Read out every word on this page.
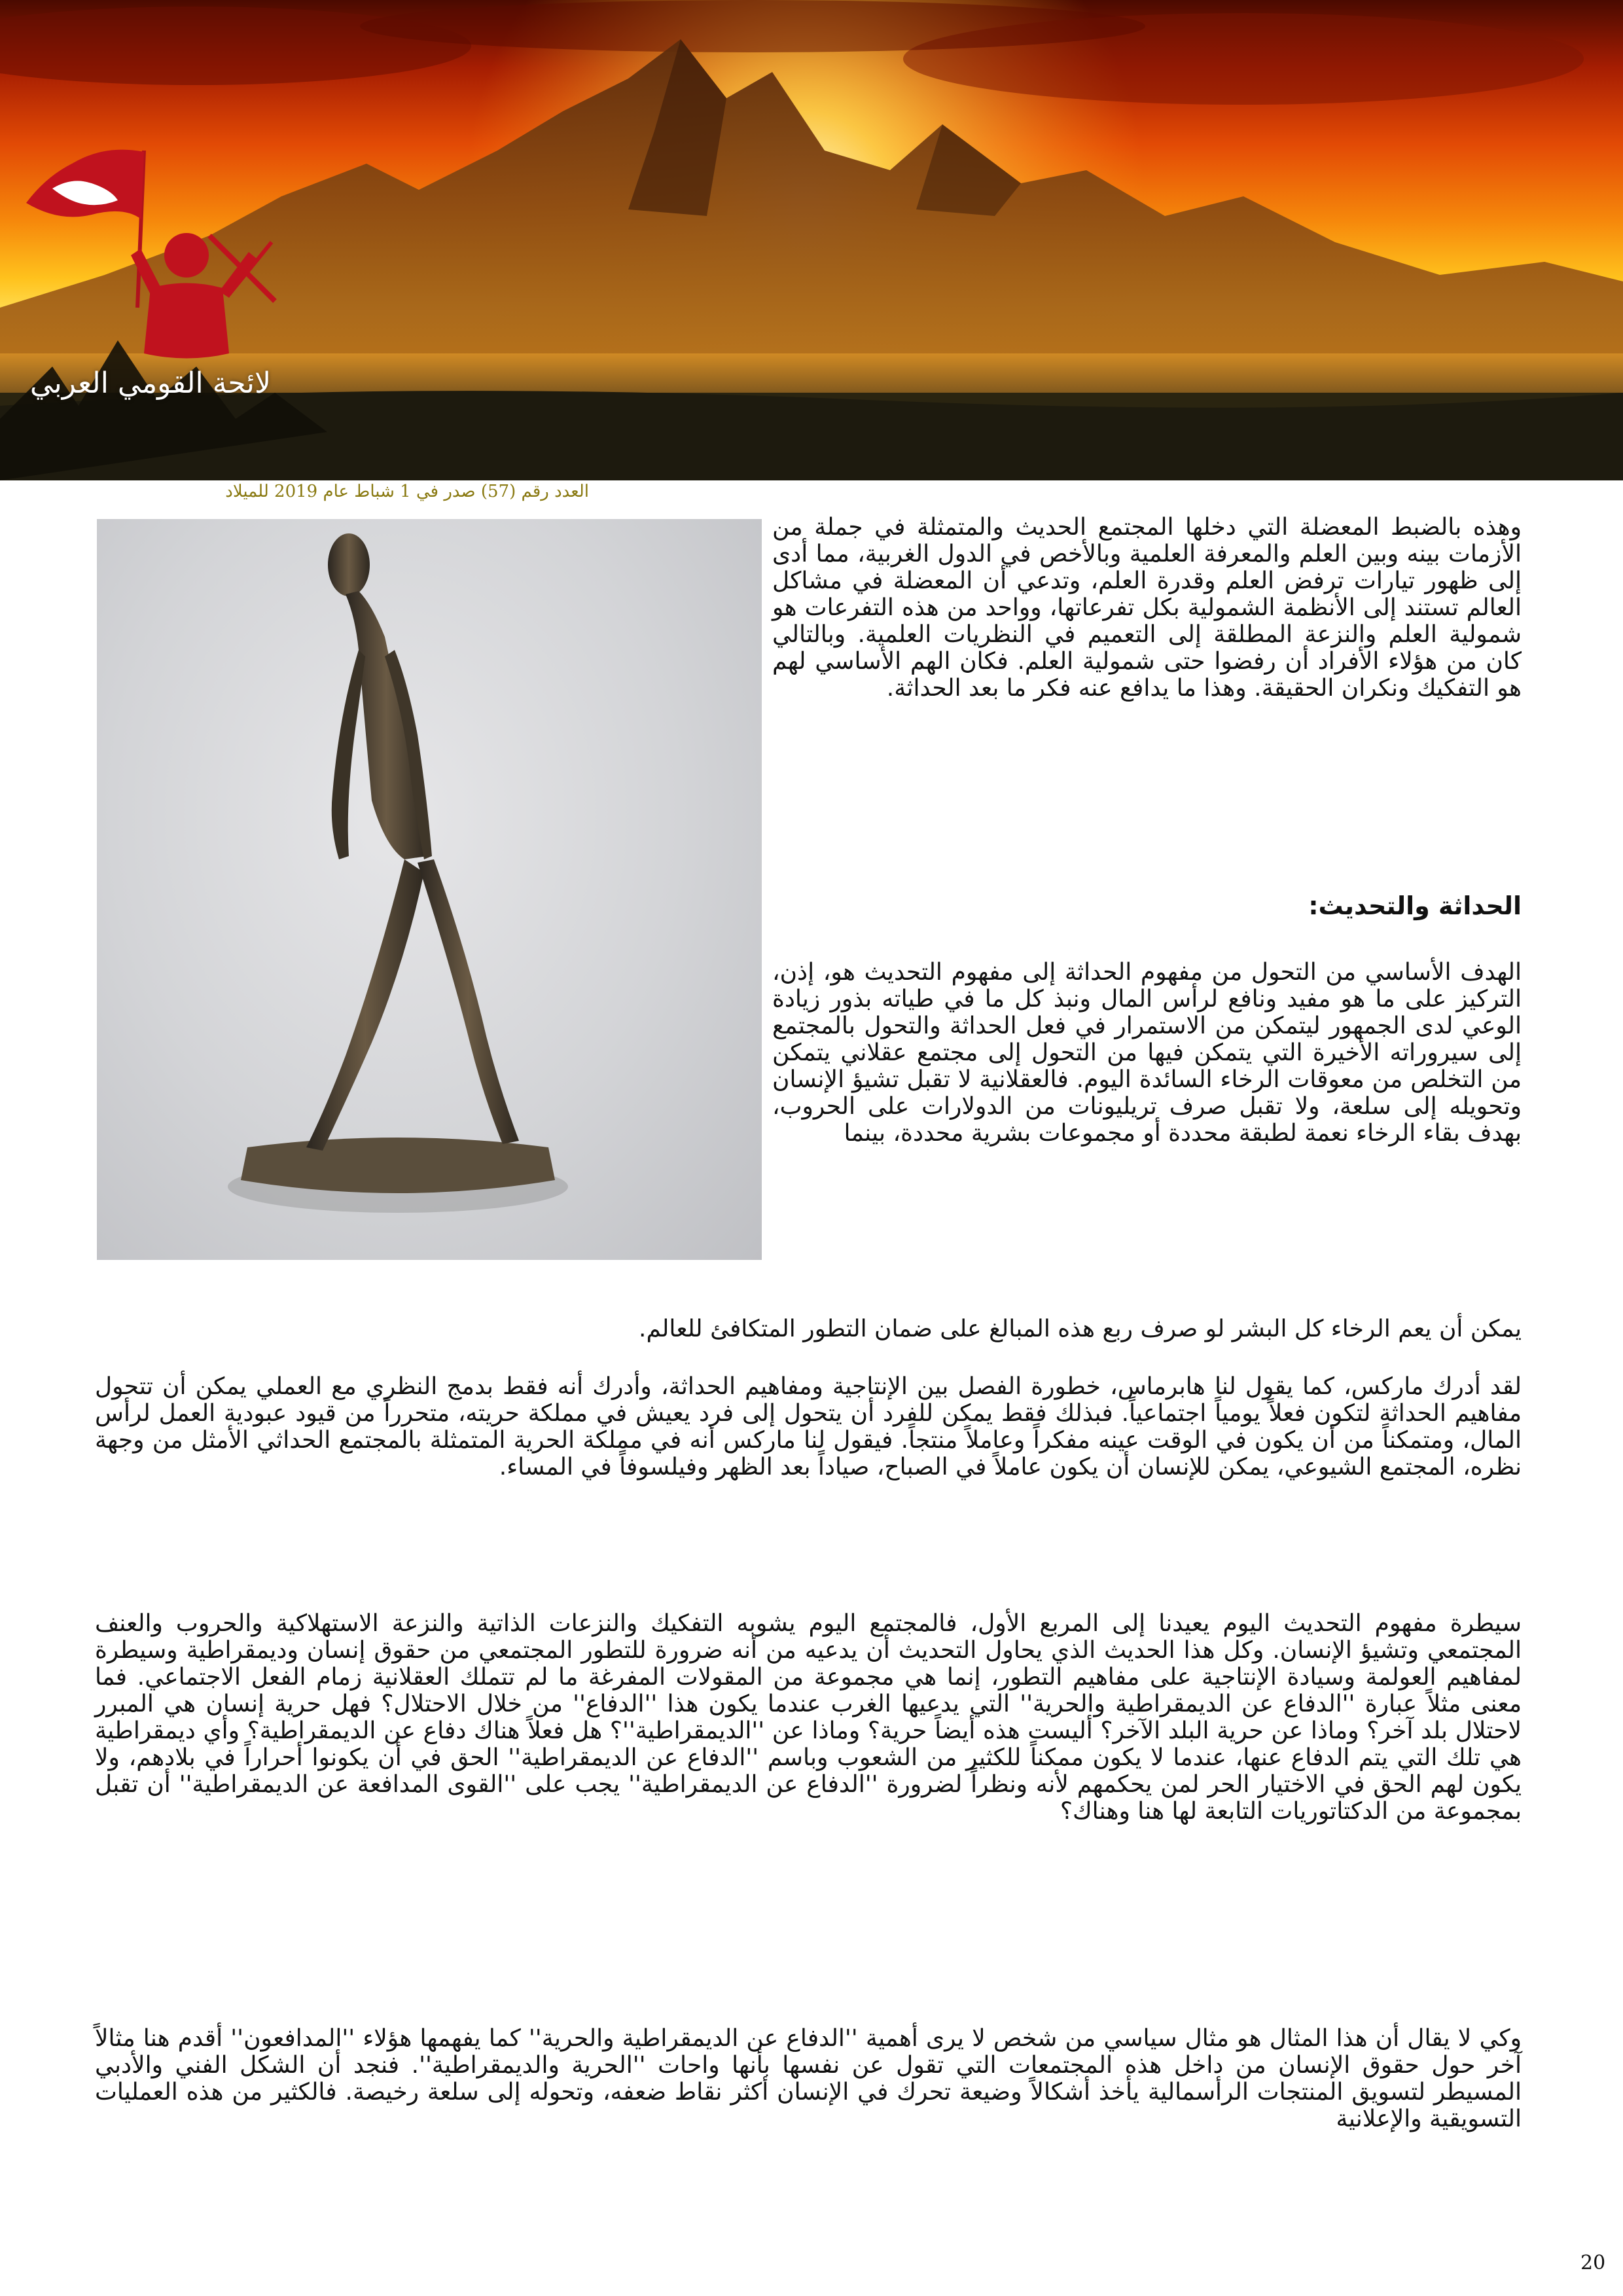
لائحة القومي العربي
العدد رقم (57) صدر في 1 شباط عام 2019 للميلاد

وهذه بالضبط المعضلة التي دخلها المجتمع الحديث والمتمثلة في جملة من الأزمات بينه وبين العلم والمعرفة العلمية وبالأخص في الدول الغربية، مما أدى إلى ظهور تيارات ترفض العلم وقدرة العلم، وتدعي أن المعضلة في مشاكل العالم تستند إلى الأنظمة الشمولية بكل تفرعاتها، وواحد من هذه التفرعات هو شمولية العلم والنزعة المطلقة إلى التعميم في النظريات العلمية. وبالتالي كان من هؤلاء الأفراد أن رفضوا حتى شمولية العلم. فكان الهم الأساسي لهم هو التفكيك ونكران الحقيقة. وهذا ما يدافع عنه فكر ما بعد الحداثة.

الحداثة والتحديث:

الهدف الأساسي من التحول من مفهوم الحداثة إلى مفهوم التحديث هو، إذن، التركيز على ما هو مفيد ونافع لرأس المال ونبذ كل ما في طياته بذور زيادة الوعي لدى الجمهور ليتمكن من الاستمرار في فعل الحداثة والتحول بالمجتمع إلى سيروراته الأخيرة التي يتمكن فيها من التحول إلى مجتمع عقلاني يتمكن من التخلص من معوقات الرخاء السائدة اليوم. فالعقلانية لا تقبل تشيؤ الإنسان وتحويله إلى سلعة، ولا تقبل صرف تريليونات من الدولارات على الحروب، بهدف بقاء الرخاء نعمة لطبقة محددة أو مجموعات بشرية محددة، بينما

يمكن أن يعم الرخاء كل البشر لو صرف ربع هذه المبالغ على ضمان التطور المتكافئ للعالم.

لقد أدرك ماركس، كما يقول لنا هابرماس، خطورة الفصل بين الإنتاجية ومفاهيم الحداثة، وأدرك أنه فقط بدمج النظري مع العملي يمكن أن تتحول مفاهيم الحداثة لتكون فعلاً يومياً اجتماعياً. فبذلك فقط يمكن للفرد أن يتحول إلى فرد يعيش في مملكة حريته، متحرراً من قيود عبودية العمل لرأس المال، ومتمكناً من أن يكون في الوقت عينه مفكراً وعاملاً منتجاً. فيقول لنا ماركس أنه في مملكة الحرية المتمثلة بالمجتمع الحداثي الأمثل من وجهة نظره، المجتمع الشيوعي، يمكن للإنسان أن يكون عاملاً في الصباح، صياداً بعد الظهر وفيلسوفاً في المساء.

سيطرة مفهوم التحديث اليوم يعيدنا إلى المربع الأول، فالمجتمع اليوم يشوبه التفكيك والنزعات الذاتية والنزعة الاستهلاكية والحروب والعنف المجتمعي وتشيؤ الإنسان. وكل هذا الحديث الذي يحاول التحديث أن يدعيه من أنه ضرورة للتطور المجتمعي من حقوق إنسان وديمقراطية وسيطرة لمفاهيم العولمة وسيادة الإنتاجية على مفاهيم التطور، إنما هي مجموعة من المقولات المفرغة ما لم تتملك العقلانية زمام الفعل الاجتماعي. فما معنى مثلاً عبارة ''الدفاع عن الديمقراطية والحرية'' التي يدعيها الغرب عندما يكون هذا ''الدفاع'' من خلال الاحتلال؟ فهل حرية إنسان هي المبرر لاحتلال بلد آخر؟ وماذا عن حرية البلد الآخر؟ أليست هذه أيضاً حرية؟ وماذا عن ''الديمقراطية''؟ هل فعلاً هناك دفاع عن الديمقراطية؟ وأي ديمقراطية هي تلك التي يتم الدفاع عنها، عندما لا يكون ممكناً للكثير من الشعوب وباسم ''الدفاع عن الديمقراطية'' الحق في أن يكونوا أحراراً في بلادهم، ولا يكون لهم الحق في الاختيار الحر لمن يحكمهم لأنه ونظراً لضرورة ''الدفاع عن الديمقراطية'' يجب على ''القوى المدافعة عن الديمقراطية'' أن تقبل بمجموعة من الدكتاتوريات التابعة لها هنا وهناك؟

وكي لا يقال أن هذا المثال هو مثال سياسي من شخص لا يرى أهمية ''الدفاع عن الديمقراطية والحرية'' كما يفهمها هؤلاء ''المدافعون'' أقدم هنا مثالاً آخر حول حقوق الإنسان من داخل هذه المجتمعات التي تقول عن نفسها بأنها واحات ''الحرية والديمقراطية''. فنجد أن الشكل الفني والأدبي المسيطر لتسويق المنتجات الرأسمالية يأخذ أشكالاً وضيعة تحرك في الإنسان أكثر نقاط ضعفه، وتحوله إلى سلعة رخيصة. فالكثير من هذه العمليات التسويقية والإعلانية

20
